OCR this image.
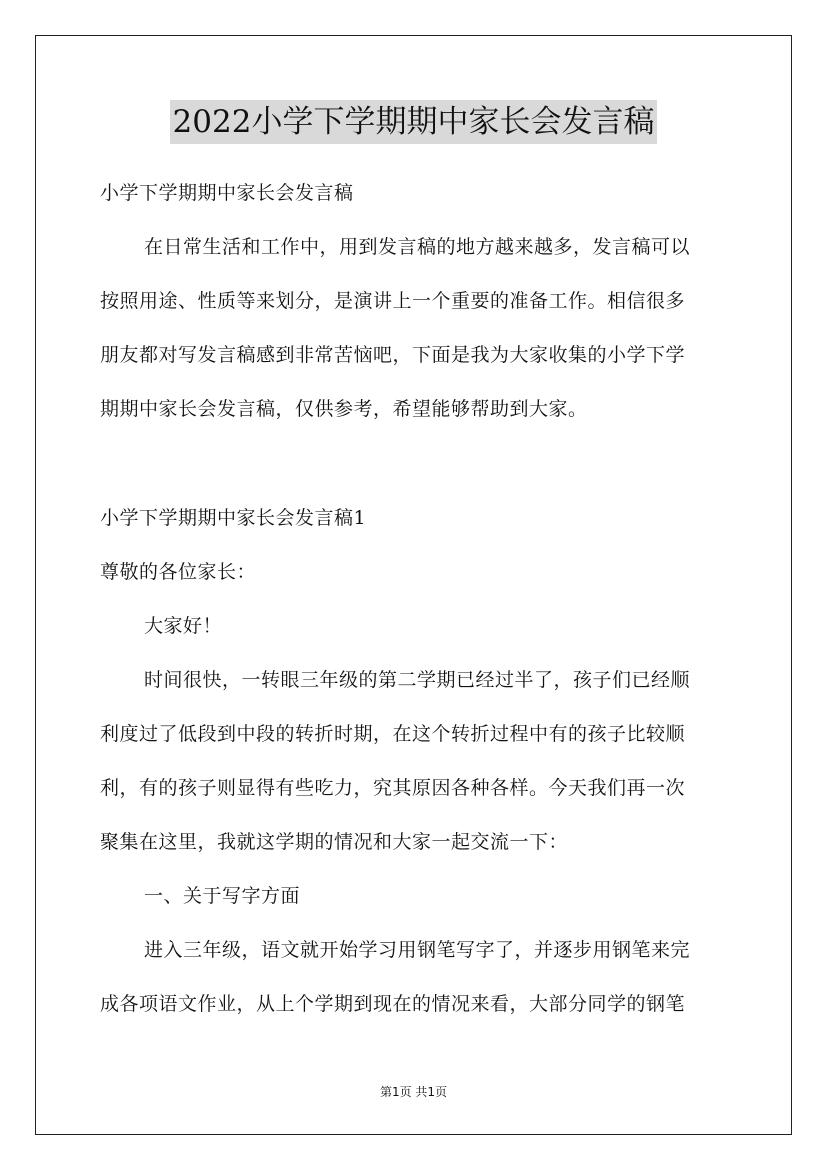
2022小学下学期期中家长会发言稿
小学下学期期中家长会发言稿
在日常生活和工作中，用到发言稿的地方越来越多，发言稿可以
按照用途、性质等来划分，是演讲上一个重要的准备工作。相信很多
朋友都对写发言稿感到非常苦恼吧，下面是我为大家收集的小学下学
期期中家长会发言稿，仅供参考，希望能够帮助到大家。
小学下学期期中家长会发言稿1
尊敬的各位家长：
大家好！
时间很快，一转眼三年级的第二学期已经过半了，孩子们已经顺
利度过了低段到中段的转折时期，在这个转折过程中有的孩子比较顺
利，有的孩子则显得有些吃力，究其原因各种各样。今天我们再一次
聚集在这里，我就这学期的情况和大家一起交流一下：
一、关于写字方面
进入三年级，语文就开始学习用钢笔写字了，并逐步用钢笔来完
成各项语文作业，从上个学期到现在的情况来看，大部分同学的钢笔
第1页 共1页
